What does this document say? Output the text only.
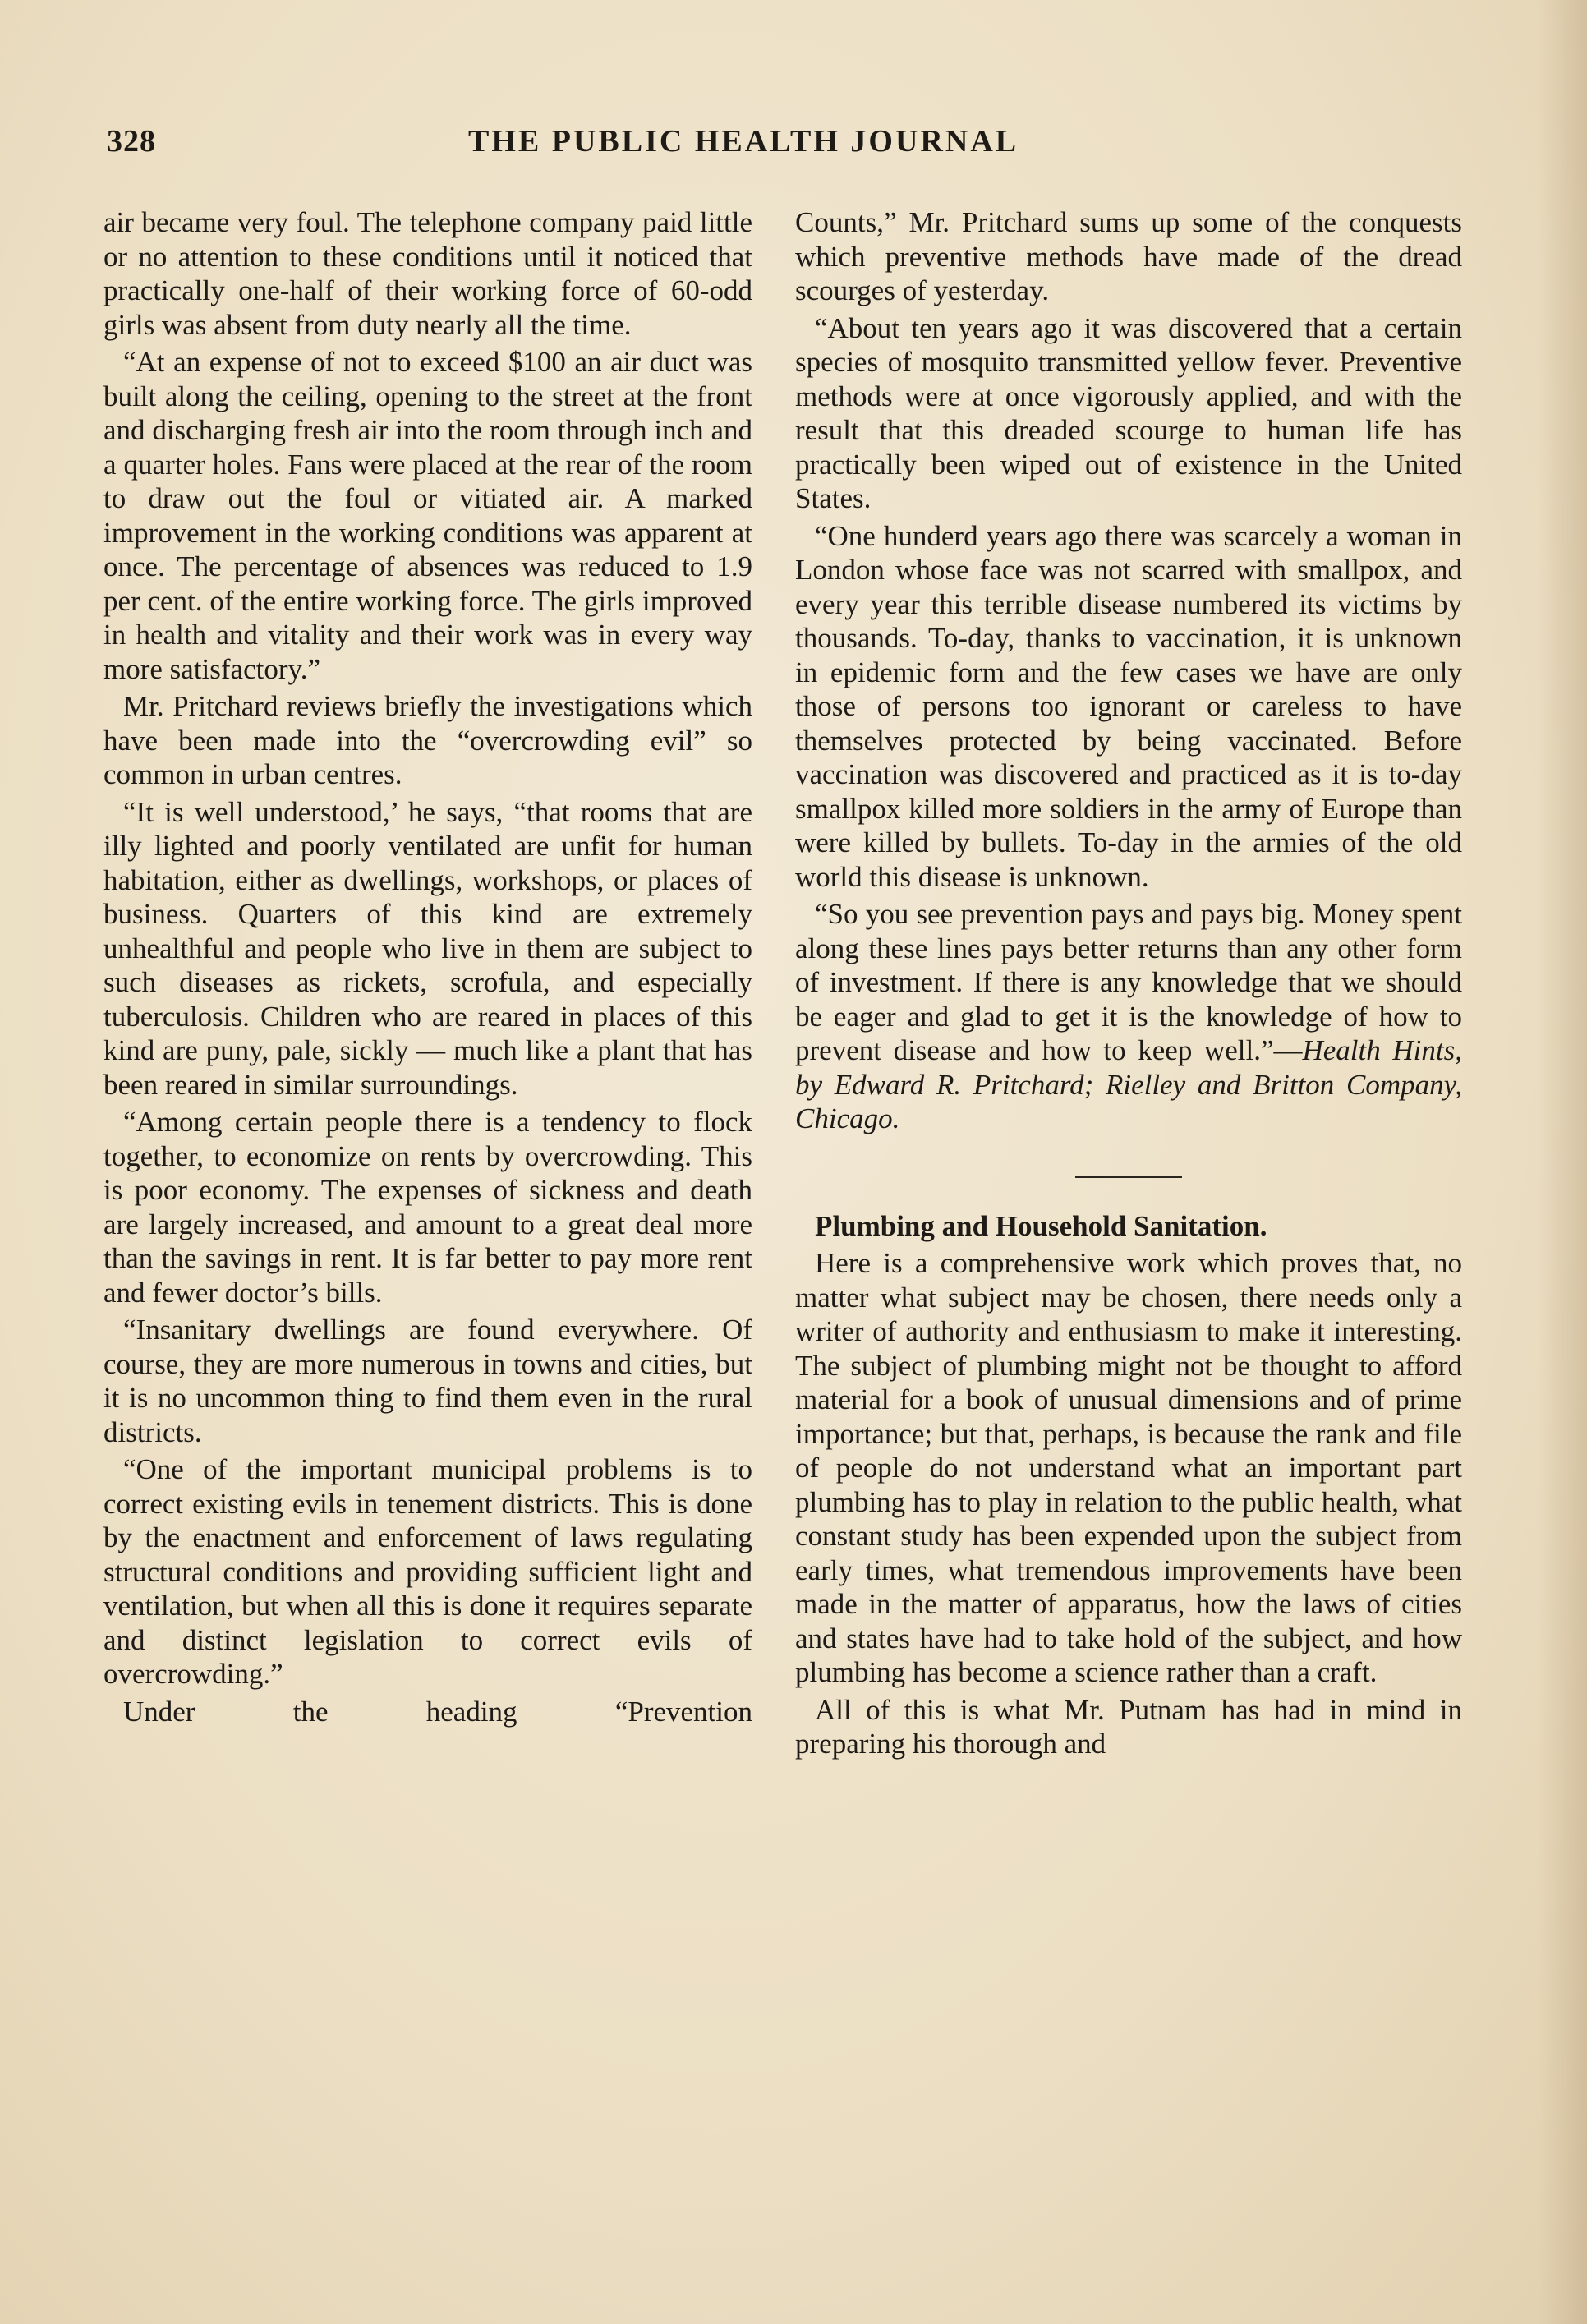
328	THE PUBLIC HEALTH JOURNAL

air became very foul. The telephone company paid little or no attention to these conditions until it noticed that practically one-half of their working force of 60-odd girls was absent from duty nearly all the time.

“At an expense of not to exceed $100 an air duct was built along the ceiling, opening to the street at the front and discharging fresh air into the room through inch and a quarter holes. Fans were placed at the rear of the room to draw out the foul or vitiated air. A marked improvement in the working conditions was apparent at once. The percentage of absences was reduced to 1.9 per cent. of the entire working force. The girls improved in health and vitality and their work was in every way more satisfactory.”

Mr. Pritchard reviews briefly the investigations which have been made into the “overcrowding evil” so common in urban centres.

“It is well understood,’ he says, “that rooms that are illy lighted and poorly ventilated are unfit for human habitation, either as dwellings, workshops, or places of business. Quarters of this kind are extremely unhealthful and people who live in them are subject to such diseases as rickets, scrofula, and especially tuberculosis. Children who are reared in places of this kind are puny, pale, sickly — much like a plant that has been reared in similar surroundings.

“Among certain people there is a tendency to flock together, to economize on rents by overcrowding. This is poor economy. The expenses of sickness and death are largely increased, and amount to a great deal more than the savings in rent. It is far better to pay more rent and fewer doctor’s bills.

“Insanitary dwellings are found everywhere. Of course, they are more numerous in towns and cities, but it is no uncommon thing to find them even in the rural districts.

“One of the important municipal problems is to correct existing evils in tenement districts. This is done by the enactment and enforcement of laws regulating structural conditions and providing sufficient light and ventilation, but when all this is done it requires separate and distinct legislation to correct evils of overcrowding.”

Under the heading “Prevention

Counts,” Mr. Pritchard sums up some of the conquests which preventive methods have made of the dread scourges of yesterday.

“About ten years ago it was discovered that a certain species of mosquito transmitted yellow fever. Preventive methods were at once vigorously applied, and with the result that this dreaded scourge to human life has practically been wiped out of existence in the United States.

“One hunderd years ago there was scarcely a woman in London whose face was not scarred with smallpox, and every year this terrible disease numbered its victims by thousands. To-day, thanks to vaccination, it is unknown in epidemic form and the few cases we have are only those of persons too ignorant or careless to have themselves protected by being vaccinated. Before vaccination was discovered and practiced as it is to-day smallpox killed more soldiers in the army of Europe than were killed by bullets. To-day in the armies of the old world this disease is unknown.

“So you see prevention pays and pays big. Money spent along these lines pays better returns than any other form of investment. If there is any knowledge that we should be eager and glad to get it is the knowledge of how to prevent disease and how to keep well.”—Health Hints, by Edward R. Pritchard; Rielley and Britton Company, Chicago.

Plumbing and Household Sanitation.

Here is a comprehensive work which proves that, no matter what subject may be chosen, there needs only a writer of authority and enthusiasm to make it interesting. The subject of plumbing might not be thought to afford material for a book of unusual dimensions and of prime importance; but that, perhaps, is because the rank and file of people do not understand what an important part plumbing has to play in relation to the public health, what constant study has been expended upon the subject from early times, what tremendous improvements have been made in the matter of apparatus, how the laws of cities and states have had to take hold of the subject, and how plumbing has become a science rather than a craft.

All of this is what Mr. Putnam has had in mind in preparing his thorough and
